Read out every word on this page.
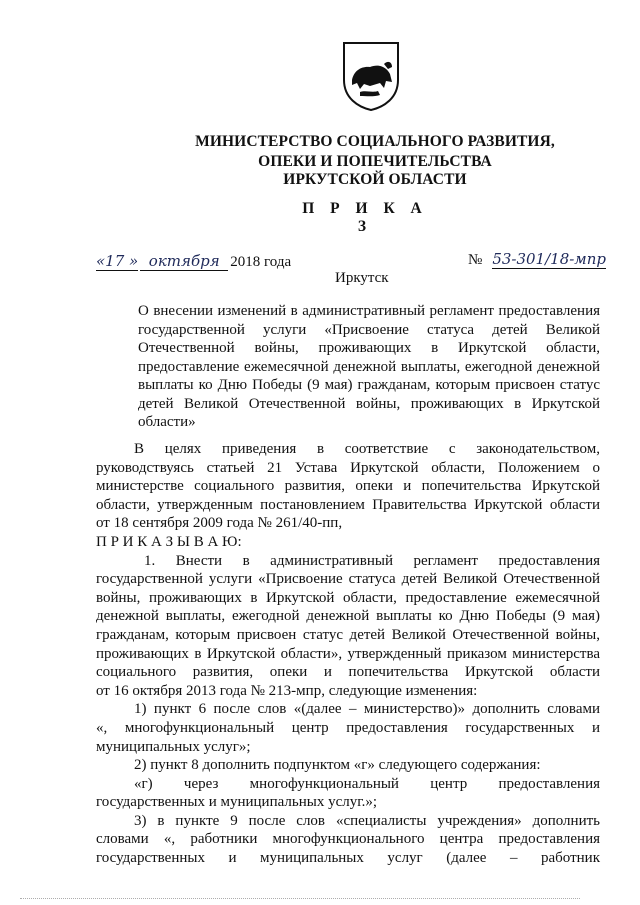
МИНИСТЕРСТВО СОЦИАЛЬНОГО РАЗВИТИЯ,
ОПЕКИ И ПОПЕЧИТЕЛЬСТВА
ИРКУТСКОЙ ОБЛАСТИ
П Р И К А З
«17 » октября 2018 года	№ 53-301/18-мпр
Иркутск
О внесении изменений в административный регламент предоставления
государственной услуги «Присвоение статуса детей Великой
Отечественной войны, проживающих в Иркутской области,
предоставление ежемесячной денежной выплаты, ежегодной денежной
выплаты ко Дню Победы (9 мая) гражданам, которым присвоен статус
детей Великой Отечественной войны, проживающих в Иркутской
области»
В целях приведения в соответствие с законодательством,
руководствуясь статьей 21 Устава Иркутской области, Положением о
министерстве социального развития, опеки и попечительства Иркутской
области, утвержденным постановлением Правительства Иркутской области
от 18 сентября 2009 года № 261/40-пп,
П Р И К А З Ы В А Ю:
1. Внести в административный регламент предоставления
государственной услуги «Присвоение статуса детей Великой Отечественной
войны, проживающих в Иркутской области, предоставление ежемесячной
денежной выплаты, ежегодной денежной выплаты ко Дню Победы (9 мая)
гражданам, которым присвоен статус детей Великой Отечественной войны,
проживающих в Иркутской области», утвержденный приказом министерства
социального развития, опеки и попечительства Иркутской области
от 16 октября 2013 года № 213-мпр, следующие изменения:
1) пункт 6 после слов «(далее – министерство)» дополнить словами
«, многофункциональный центр предоставления государственных и
муниципальных услуг»;
2) пункт 8 дополнить подпунктом «г» следующего содержания:
«г) через многофункциональный центр предоставления
государственных и муниципальных услуг.»;
3) в пункте 9 после слов «специалисты учреждения» дополнить
словами «, работники многофункционального центра предоставления
государственных и муниципальных услуг (далее – работник
